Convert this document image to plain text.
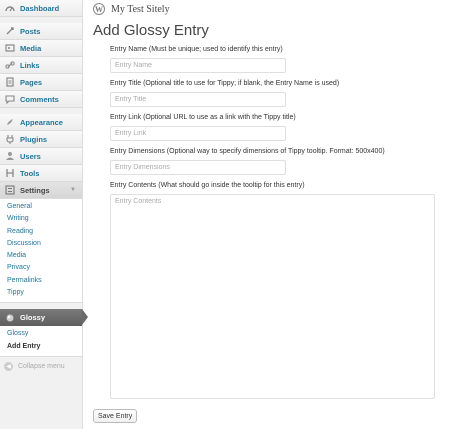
Dashboard
Posts
Media
Links
Pages
Comments
Appearance
Plugins
Users
Tools
Settings	▼
General
Writing
Reading
Discussion
Media
Privacy
Permalinks
Tippy
Glossy
Glossy
Add Entry
◀	Collapse menu
W My Test Sitely
Add Glossy Entry
Entry Name (Must be unique; used to identify this entry)
Entry Name
Entry Title (Optional title to use for Tippy; if blank, the Entry Name is used)
Entry Title
Entry Link (Optional URL to use as a link with the Tippy title)
Entry Link
Entry Dimensions (Optional way to specify dimensions of Tippy tooltip. Format: 500x400)
Entry Dimensions
Entry Contents (What should go inside the tooltip for this entry)
Entry Contents
Save Entry
